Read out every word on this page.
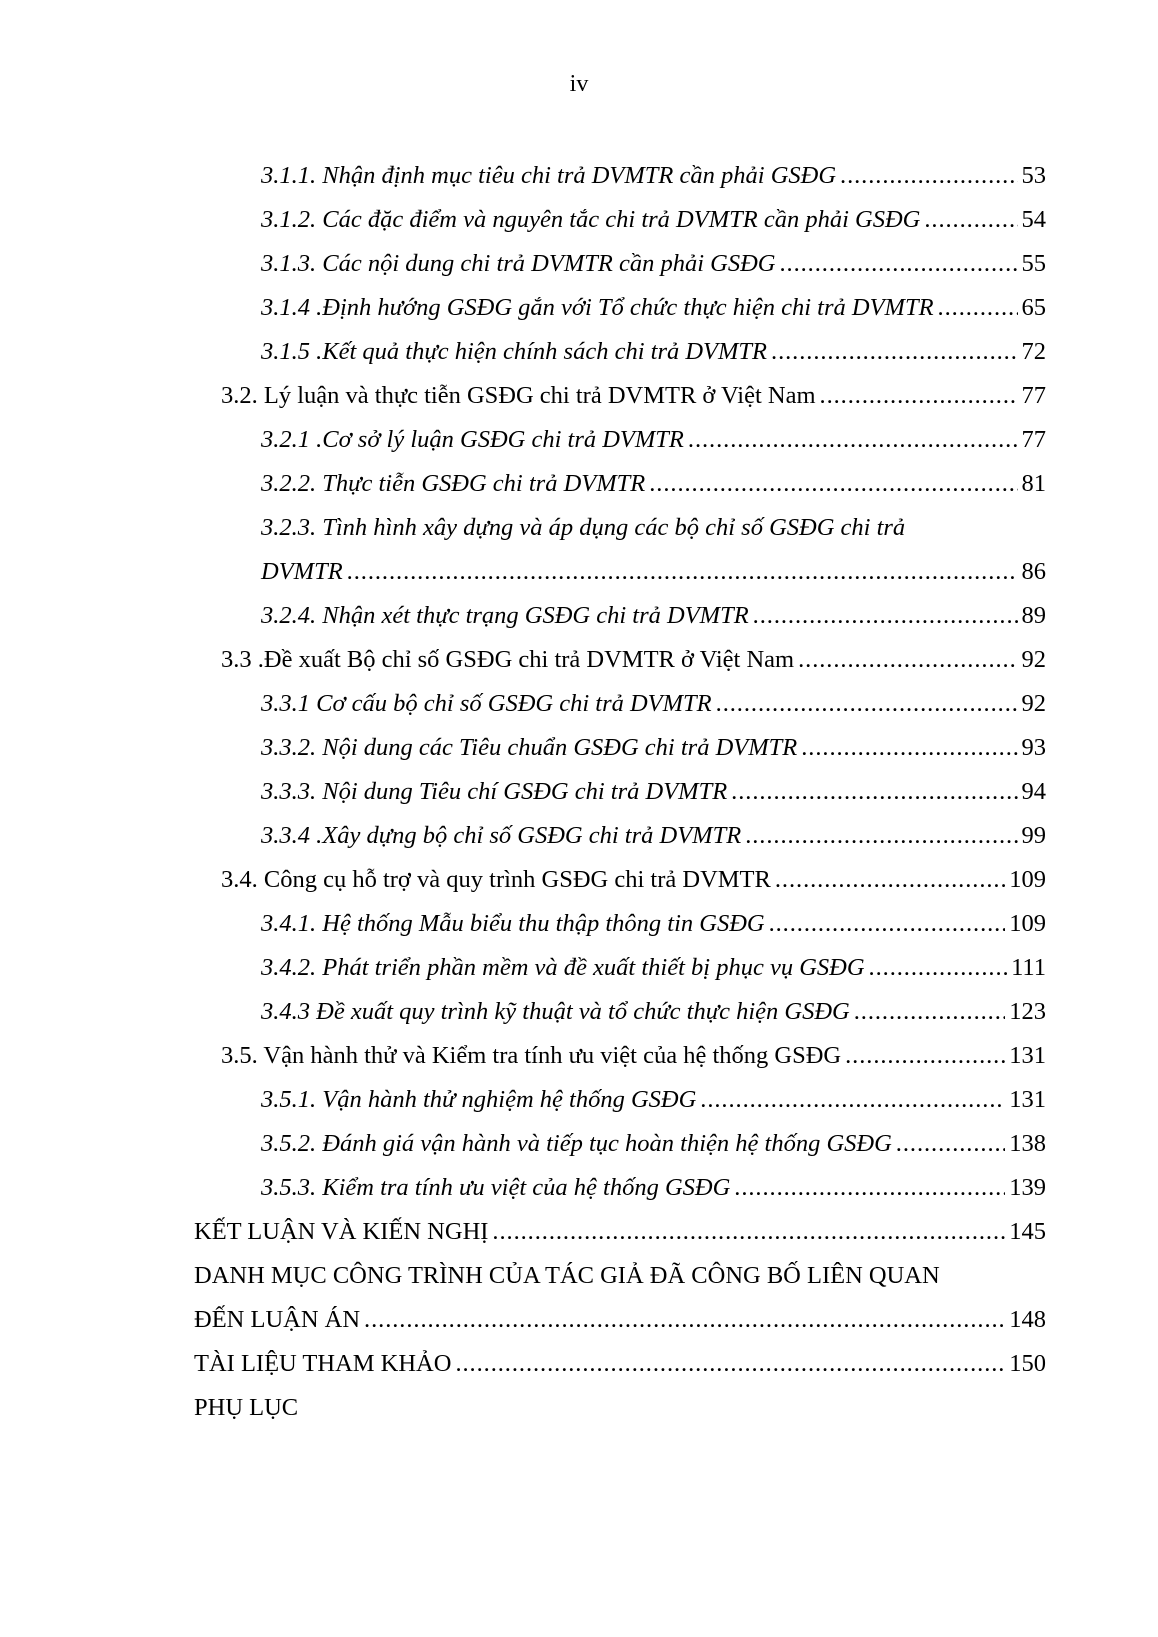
iv
3.1.1. Nhận định mục tiêu chi trả DVMTR cần phải GSĐG . . .	53
3.1.2. Các đặc điểm và nguyên tắc chi trả DVMTR cần phải GSĐG . . .	54
3.1.3. Các nội dung chi trả DVMTR cần phải GSĐG . . .	55
3.1.4 .Định hướng GSĐG gắn với Tổ chức thực hiện chi trả DVMTR . . .	65
3.1.5 .Kết quả thực hiện chính sách chi trả DVMTR . . .	72
3.2. Lý luận và thực tiễn GSĐG chi trả DVMTR ở Việt Nam . . .	77
3.2.1 .Cơ sở lý luận GSĐG chi trả DVMTR . . .	77
3.2.2. Thực tiễn GSĐG chi trả DVMTR . . .	81
3.2.3. Tình hình xây dựng và áp dụng các bộ chỉ số GSĐG chi trả
DVMTR . . .	86
3.2.4. Nhận xét thực trạng GSĐG chi trả DVMTR . . .	89
3.3 .Đề xuất Bộ chỉ số GSĐG chi trả DVMTR ở Việt Nam . . .	92
3.3.1 Cơ cấu bộ chỉ số GSĐG chi trả DVMTR . . .	92
3.3.2. Nội dung các Tiêu chuẩn GSĐG chi trả DVMTR . . .	93
3.3.3. Nội dung Tiêu chí GSĐG chi trả DVMTR . . .	94
3.3.4 .Xây dựng bộ chỉ số GSĐG chi trả DVMTR . . .	99
3.4. Công cụ hỗ trợ và quy trình GSĐG chi trả DVMTR . . .	109
3.4.1. Hệ thống Mẫu biểu thu thập thông tin GSĐG . . .	109
3.4.2. Phát triển phần mềm và đề xuất thiết bị phục vụ GSĐG . . .	111
3.4.3 Đề xuất quy trình kỹ thuật và tổ chức thực hiện GSĐG . . .	123
3.5. Vận hành thử và Kiểm tra tính ưu việt của hệ thống GSĐG . . .	131
3.5.1. Vận hành thử nghiệm hệ thống GSĐG . . .	131
3.5.2. Đánh giá vận hành và tiếp tục hoàn thiện hệ thống GSĐG . . .	138
3.5.3. Kiểm tra tính ưu việt của hệ thống GSĐG . . .	139
KẾT LUẬN VÀ KIẾN NGHỊ . . .	145
DANH MỤC CÔNG TRÌNH CỦA TÁC GIẢ ĐÃ CÔNG BỐ LIÊN QUAN
ĐẾN LUẬN ÁN . . .	148
TÀI LIỆU THAM KHẢO . . .	150
PHỤ LỤC
